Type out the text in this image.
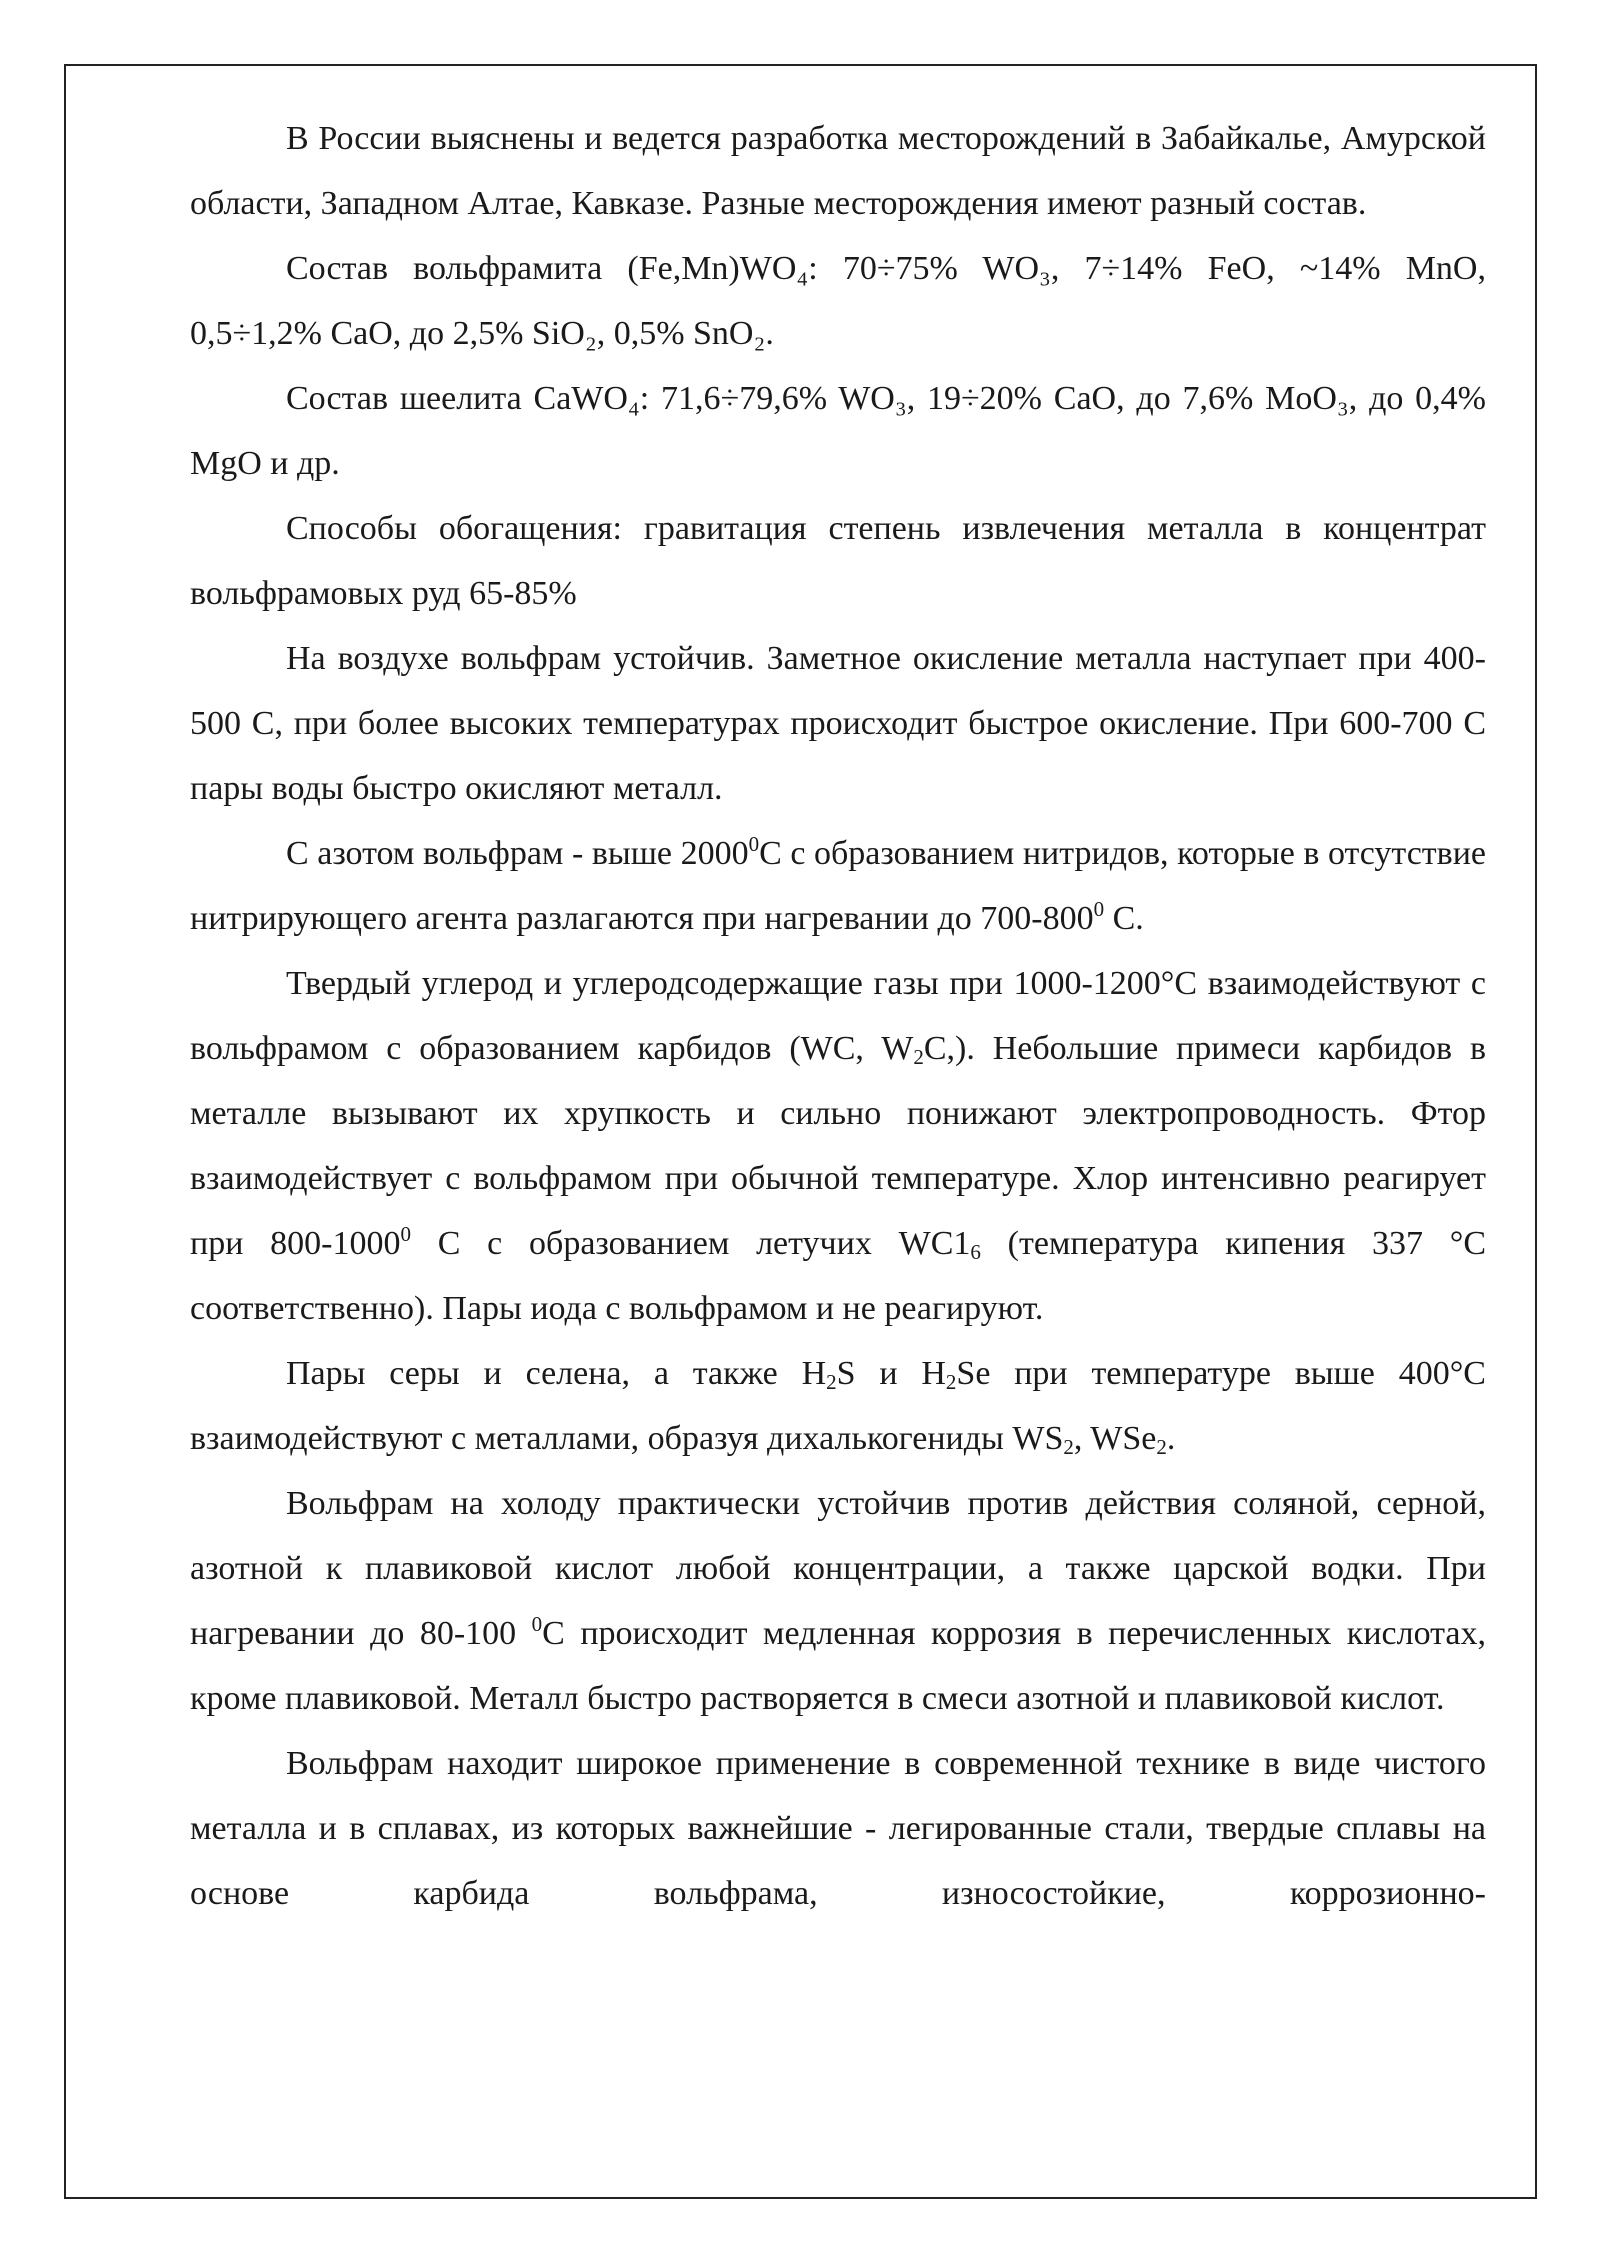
В России выяснены и ведется разработка месторождений в Забайкалье, Амурской области, Западном Алтае, Кавказе. Разные месторождения имеют разный состав.

Состав вольфрамита (Fe,Mn)WO₄: 70÷75% WO₃, 7÷14% FeO, ~14% MnO, 0,5÷1,2% CaO, до 2,5% SiO₂, 0,5% SnO₂.

Состав шеелита CaWO₄: 71,6÷79,6% WO₃, 19÷20% CaO, до 7,6% MoO₃, до 0,4% MgO и др.

Способы обогащения: гравитация степень извлечения металла в концентрат вольфрамовых руд 65-85%

На воздухе вольфрам устойчив. Заметное окисление металла наступает при 400-500 С, при более высоких температурах происходит быстрое окисление. При 600-700 С пары воды быстро окисляют металл.

С азотом вольфрам - выше 2000$^0$С с образованием нитридов, которые в отсутствие нитрирующего агента разлагаются при нагревании до $700-800^0$ С.

Твердый углерод и углеродсодержащие газы при 1000-1200°С взаимодействуют с вольфрамом с образованием карбидов (WC, $W_2C$,). Небольшие примеси карбидов в металле вызывают их хрупкость и сильно понижают электропроводность. Фтор взаимодействует с вольфрамом при обычной температуре. Хлор интенсивно реагирует при 800-1000$^0$ С с образованием летучих $WC1_6$ (температура кипения 337 °С соответственно). Пары иода с вольфрамом и не реагируют.

Пары серы и селена, а также $H_2S$ и $H_2Se$ при температуре выше 400°С взаимодействуют с металлами, образуя дихалькогениды $WS_2$, WSe$_2$.

Вольфрам на холоду практически устойчив против действия соляной, серной, азотной к плавиковой кислот любой концентрации, а также царской водки. При нагревании до 80-100 $^0$С происходит медленная коррозия в перечисленных кислотах, кроме плавиковой. Металл быстро растворяется в смеси азотной и плавиковой кислот.

Вольфрам находит широкое применение в современной технике в виде чистого металла и в сплавах, из которых важнейшие - легированные стали, твердые сплавы на основе карбида вольфрама, износостойкие, коррозионно-
